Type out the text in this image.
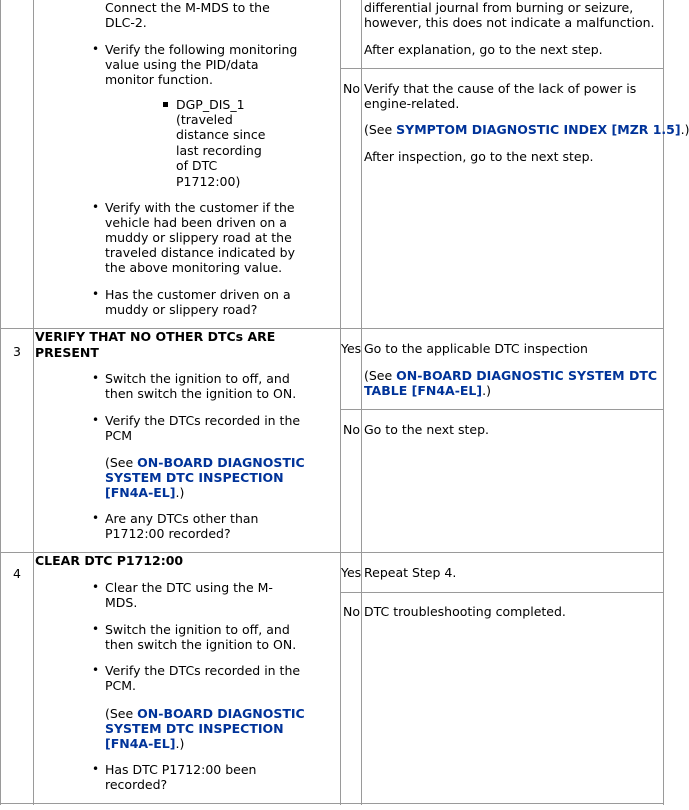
Connect the M-MDS to the
DLC-2.
• Verify the following monitoring
value using the PID/data
monitor function.
DGP_DIS_1
(traveled
distance since
last recording
of DTC
P1712:00)
• Verify with the customer if the
vehicle had been driven on a
muddy or slippery road at the
traveled distance indicated by
the above monitoring value.
• Has the customer driven on a
muddy or slippery road?
differential journal from burning or seizure,
however, this does not indicate a malfunction.
After explanation, go to the next step.
No Verify that the cause of the lack of power is
engine-related.
(See SYMPTOM DIAGNOSTIC INDEX [MZR 1.5].)
After inspection, go to the next step.
3
VERIFY THAT NO OTHER DTCs ARE
PRESENT
• Switch the ignition to off, and
then switch the ignition to ON.
• Verify the DTCs recorded in the
PCM
(See ON-BOARD DIAGNOSTIC
SYSTEM DTC INSPECTION
[FN4A-EL].)
• Are any DTCs other than
P1712:00 recorded?
Yes Go to the applicable DTC inspection
(See ON-BOARD DIAGNOSTIC SYSTEM DTC
TABLE [FN4A-EL].)
No Go to the next step.
4
CLEAR DTC P1712:00
• Clear the DTC using the M-
MDS.
• Switch the ignition to off, and
then switch the ignition to ON.
• Verify the DTCs recorded in the
PCM.
(See ON-BOARD DIAGNOSTIC
SYSTEM DTC INSPECTION
[FN4A-EL].)
• Has DTC P1712:00 been
recorded?
Yes Repeat Step 4.
No DTC troubleshooting completed.
